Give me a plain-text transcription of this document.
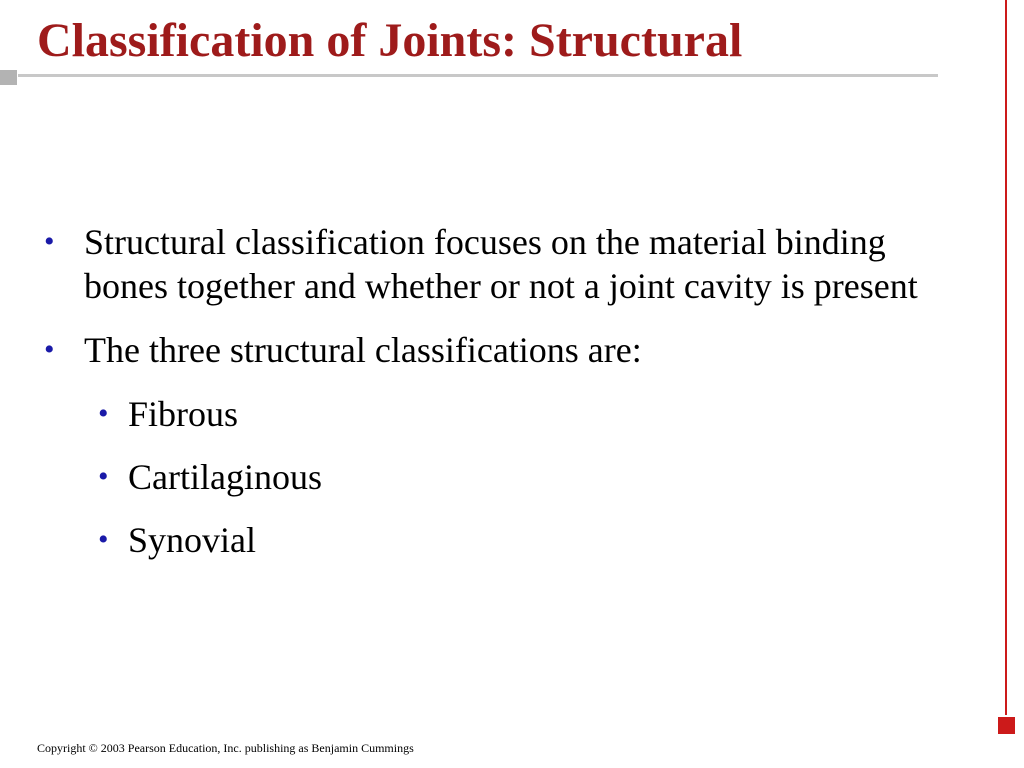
Classification of Joints: Structural
• Structural classification focuses on the material binding bones together and whether or not a joint cavity is present
• The three structural classifications are:
• Fibrous
• Cartilaginous
• Synovial
Copyright © 2003 Pearson Education, Inc. publishing as Benjamin Cummings
